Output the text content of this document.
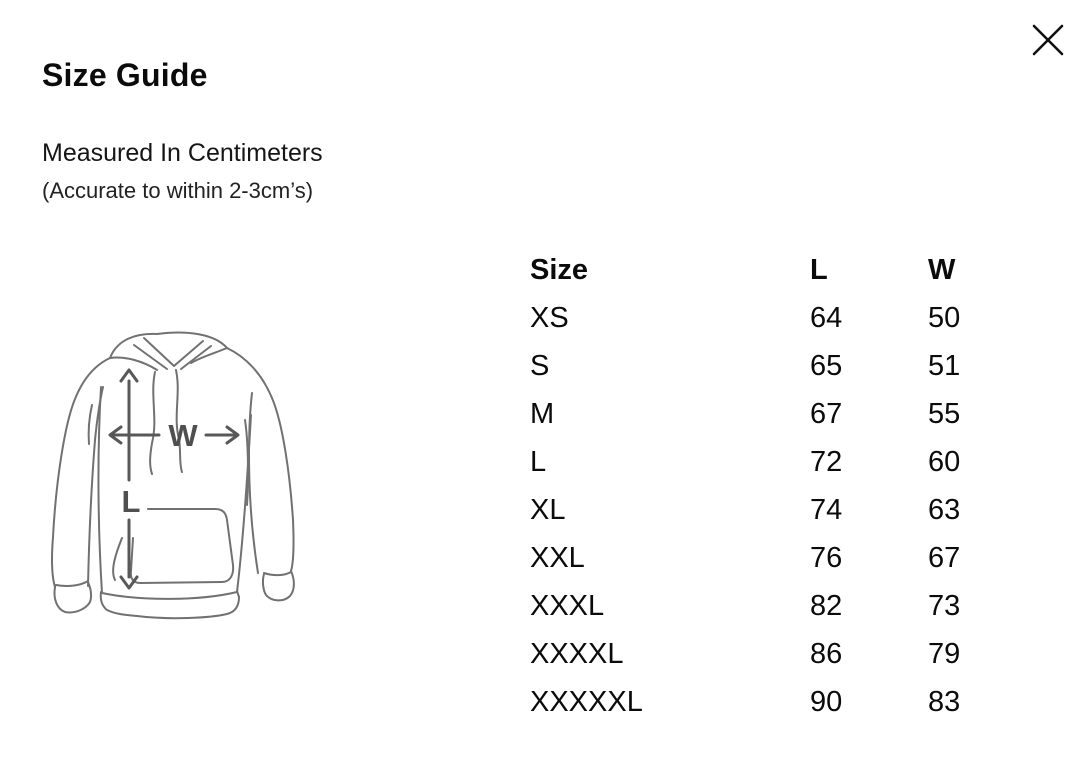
Size Guide
Measured In Centimeters
(Accurate to within 2-3cm’s)
W
L
Size	L	W
XS	64	50
S	65	51
M	67	55
L	72	60
XL	74	63
XXL	76	67
XXXL	82	73
XXXXL	86	79
XXXXXL	90	83
